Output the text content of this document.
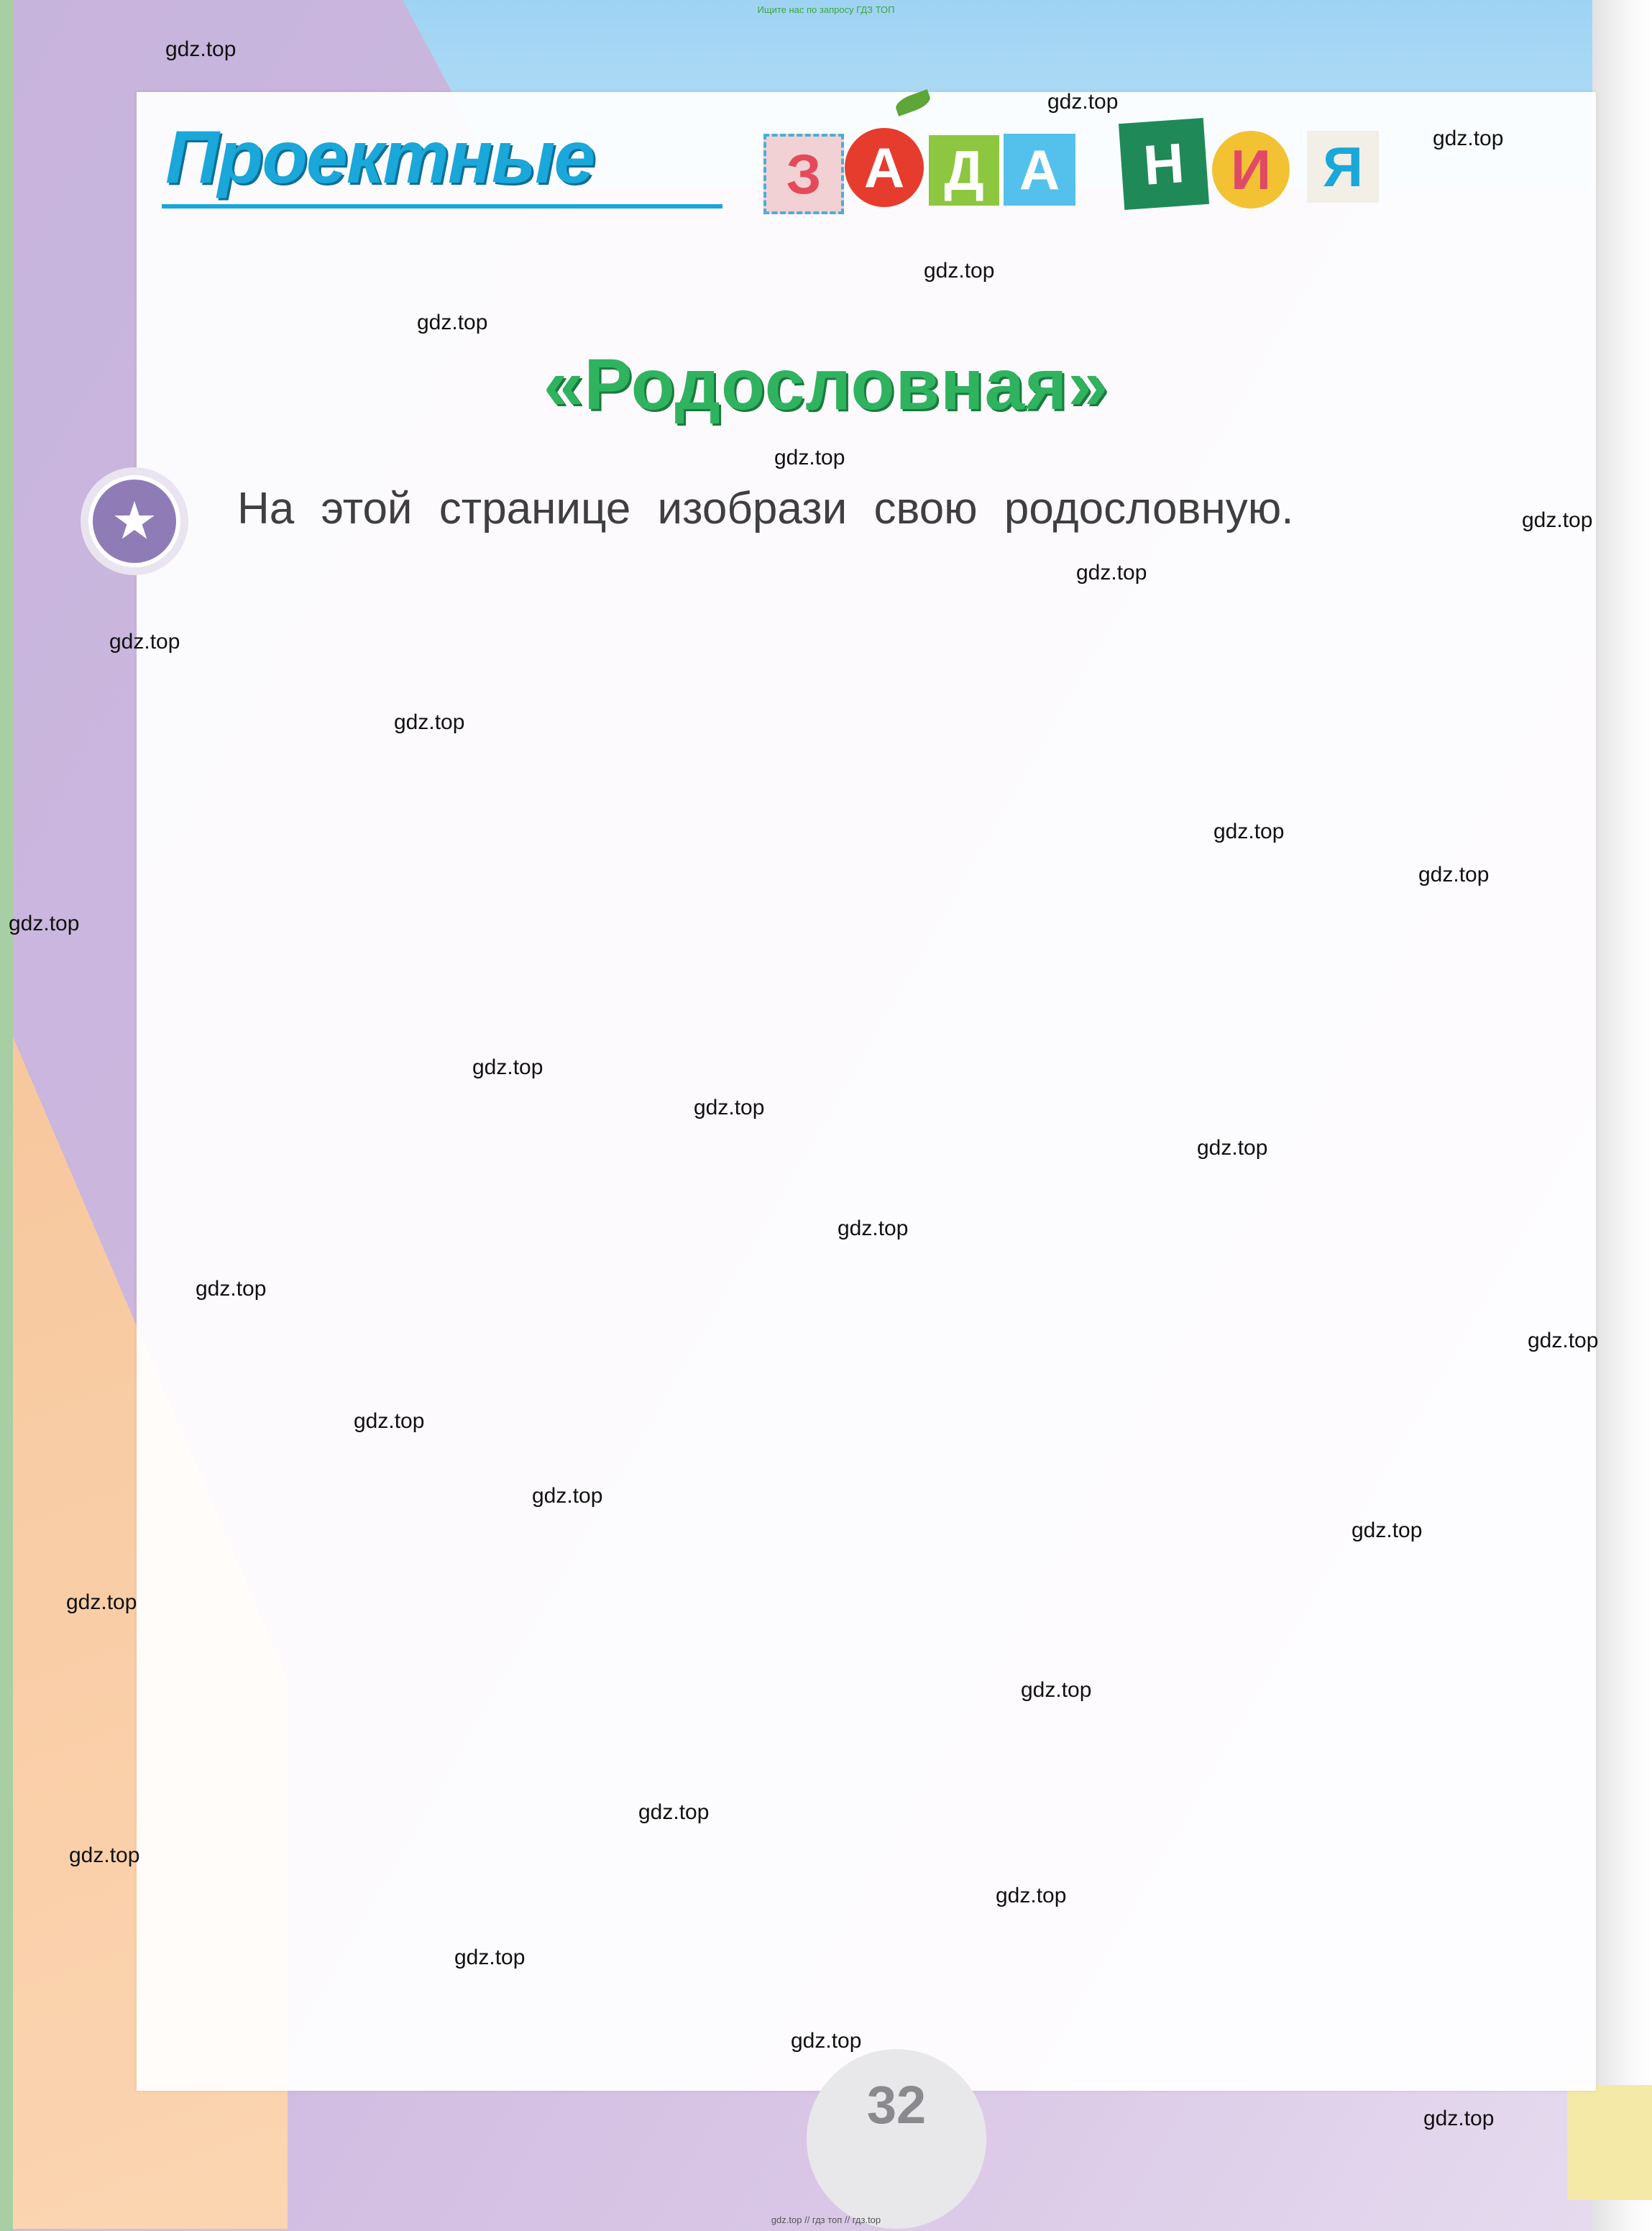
Ищите нас по запросу ГДЗ ТОП
Проектные	З А Д А	Н И Я
«Родословная»
★	На этой странице изобрази свою родословную.
32
gdz.top // гдз топ // гдз.top
gdz.top
gdz.top
gdz.top
gdz.top
gdz.top
gdz.top
gdz.top
gdz.top
gdz.top
gdz.top
gdz.top
gdz.top
gdz.top
gdz.top
gdz.top
gdz.top
gdz.top
gdz.top
gdz.top
gdz.top
gdz.top
gdz.top
gdz.top
gdz.top
gdz.top
gdz.top
gdz.top
gdz.top
gdz.top
gdz.top
